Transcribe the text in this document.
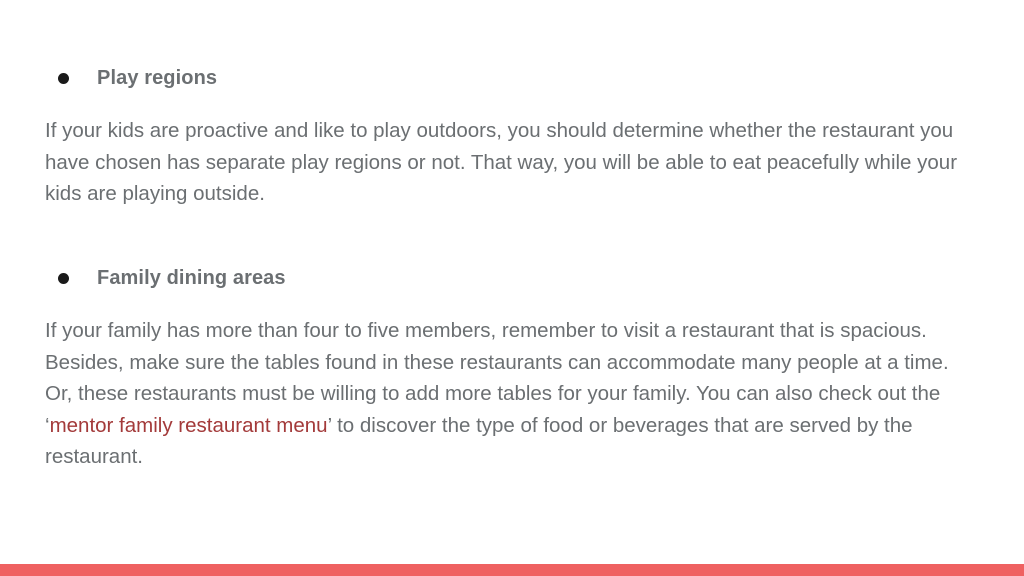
Play regions

If your kids are proactive and like to play outdoors, you should determine whether the restaurant you have chosen has separate play regions or not. That way, you will be able to eat peacefully while your kids are playing outside.

Family dining areas

If your family has more than four to five members, remember to visit a restaurant that is spacious. Besides, make sure the tables found in these restaurants can accommodate many people at a time. Or, these restaurants must be willing to add more tables for your family. You can also check out the ‘mentor family restaurant menu’ to discover the type of food or beverages that are served by the restaurant.
